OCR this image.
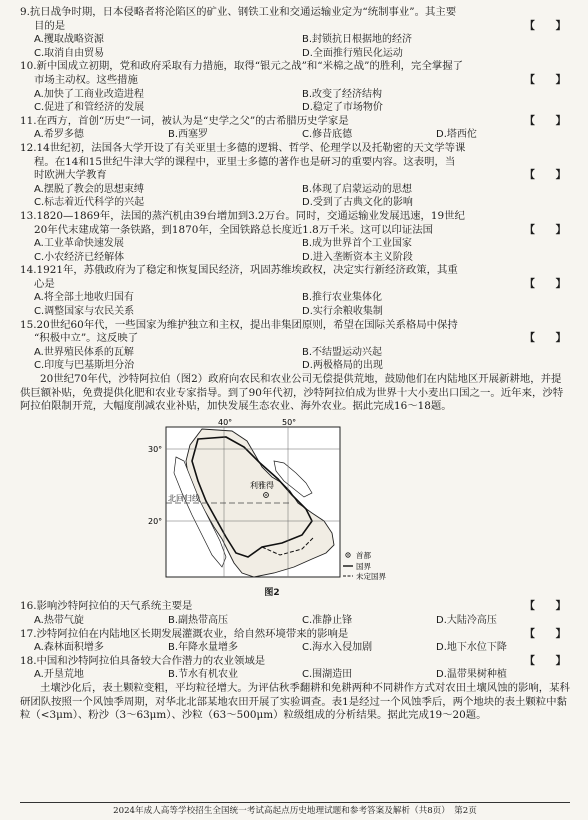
9.抗日战争时期，日本侵略者将沦陷区的矿业、钢铁工业和交通运输业定为“统制事业”。其主要
目的是	【　　】
A.攫取战略资源	B.封锁抗日根据地的经济
C.取消自由贸易	D.全面推行殖民化运动
10.新中国成立初期，党和政府采取有力措施，取得“银元之战”和“米棉之战”的胜利，完全掌握了
市场主动权。这些措施	【　　】
A.加快了工商业改造进程	B.改变了经济结构
C.促进了和管经济的发展	D.稳定了市场物价
11.在西方，首创“历史”一词，被认为是“史学之父”的古希腊历史学家是	【　　】
A.希罗多德	B.西塞罗	C.修昔底德	D.塔西佗
12.14世纪初，法国各大学开设了有关亚里士多德的逻辑、哲学、伦理学以及托勒密的天文学等课
程。在14和15世纪牛津大学的课程中，亚里士多德的著作也是研习的重要内容。这表明，当
时欧洲大学教育	【　　】
A.摆脱了教会的思想束缚	B.体现了启蒙运动的思想
C.标志着近代科学的兴起	D.受到了古典文化的影响
13.1820—1869年，法国的蒸汽机由39台增加到3.2万台。同时，交通运输业发展迅速，19世纪
20年代末建成第一条铁路，到1870年，全国铁路总长度近1.8万千米。这可以印证法国	【　　】
A.工业革命快速发展	B.成为世界首个工业国家
C.小农经济已经解体	D.进入垄断资本主义阶段
14.1921年，苏俄政府为了稳定和恢复国民经济，巩固苏维埃政权，决定实行新经济政策，其重
心是	【　　】
A.将全部土地收归国有	B.推行农业集体化
C.调整国家与农民关系	D.实行余粮收集制
15.20世纪60年代，一些国家为维护独立和主权，提出非集团原则，希望在国际关系格局中保持
“积极中立”。这反映了	【　　】
A.世界殖民体系的瓦解	B.不结盟运动兴起
C.印度与巴基斯坦分治	D.两极格局的出现
20世纪70年代，沙特阿拉伯（图2）政府向农民和农业公司无偿提供荒地，鼓励他们在内陆地区开展新耕地，并提供巨额补贴，免费提供化肥和农业专家指导。到了90年代初，沙特阿拉伯成为世界十大小麦出口国之一。近年来，沙特阿拉伯限制开荒，大幅度削减农业补贴，加快发展生态农业、海外农业。据此完成16～18题。
40°	50°
30°
20°
北回归线
利雅得
首都
国界
未定国界
图2
16.影响沙特阿拉伯的天气系统主要是	【　　】
A.热带气旋	B.副热带高压	C.准静止锋	D.大陆冷高压
17.沙特阿拉伯在内陆地区长期发展灌溉农业，给自然环境带来的影响是	【　　】
A.森林面积增多	B.年降水量增多	C.海水入侵加剧	D.地下水位下降
18.中国和沙特阿拉伯具备较大合作潜力的农业领域是	【　　】
A.开垦荒地	B.节水有机农业	C.围湖造田	D.温带果树种植
土壤沙化后，表土颗粒变粗，平均粒径增大。为评估秋季翻耕和免耕两种不同耕作方式对农田土壤风蚀的影响，某科研团队按照一个风蚀季周期，对华北北部某地农田开展了实验调查。表1是经过一个风蚀季后，两个地块的表土颗粒中黏粒（<3μm）、粉沙（3～63μm）、沙粒（63～500μm）粒级组成的分析结果。据此完成19～20题。
2024年成人高等学校招生全国统一考试高起点历史地理试题和参考答案及解析（共8页）　第2页
